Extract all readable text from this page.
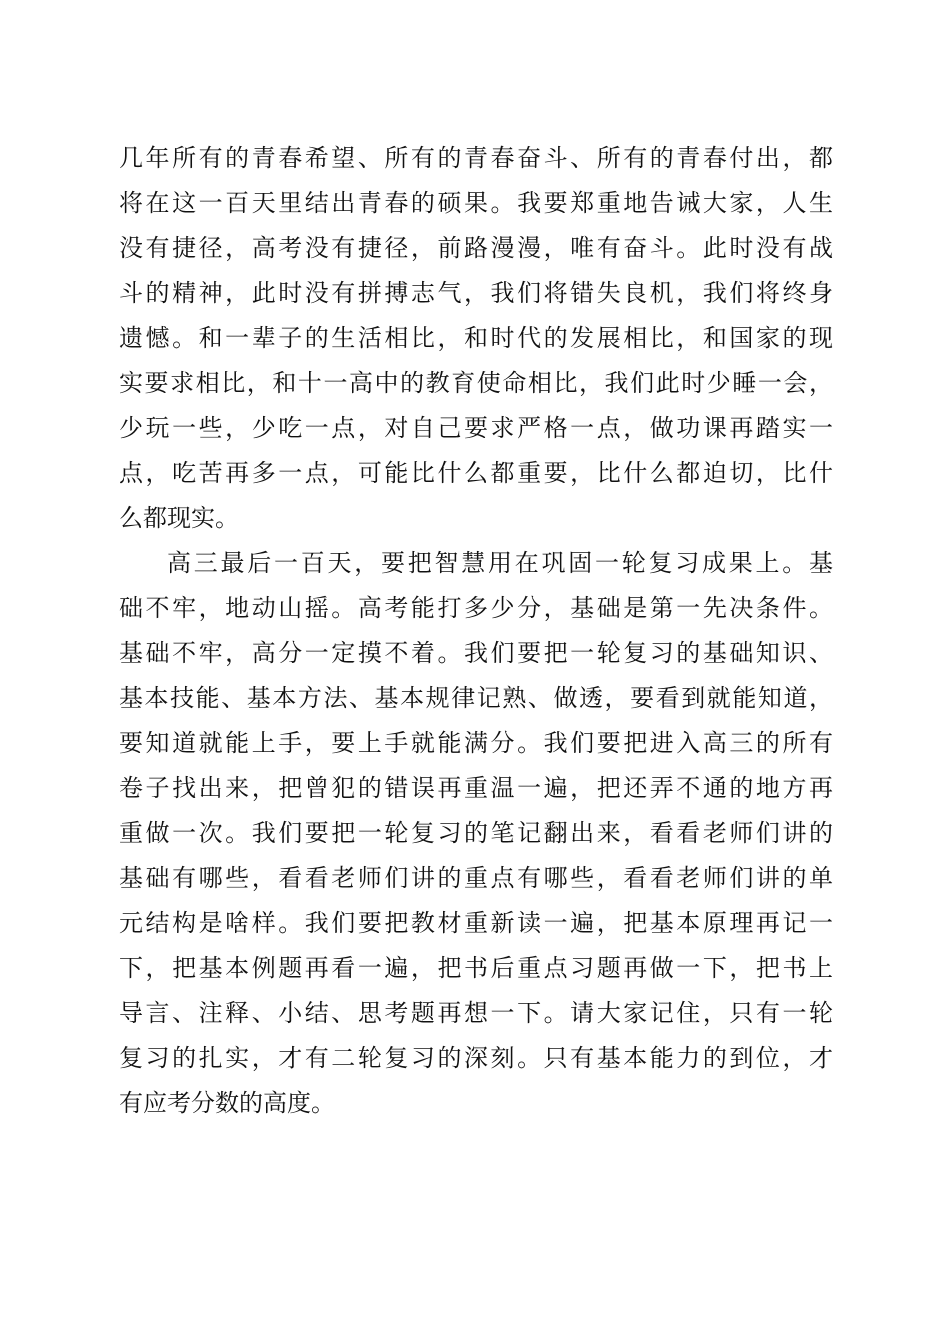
几年所有的青春希望、所有的青春奋斗、所有的青春付出，都
将在这一百天里结出青春的硕果。我要郑重地告诫大家，人生
没有捷径，高考没有捷径，前路漫漫，唯有奋斗。此时没有战
斗的精神，此时没有拼搏志气，我们将错失良机，我们将终身
遗憾。和一辈子的生活相比，和时代的发展相比，和国家的现
实要求相比，和十一高中的教育使命相比，我们此时少睡一会，
少玩一些，少吃一点，对自己要求严格一点，做功课再踏实一
点，吃苦再多一点，可能比什么都重要，比什么都迫切，比什
么都现实。
高三最后一百天，要把智慧用在巩固一轮复习成果上。基
础不牢，地动山摇。高考能打多少分，基础是第一先决条件。
基础不牢，高分一定摸不着。我们要把一轮复习的基础知识、
基本技能、基本方法、基本规律记熟、做透，要看到就能知道，
要知道就能上手，要上手就能满分。我们要把进入高三的所有
卷子找出来，把曾犯的错误再重温一遍，把还弄不通的地方再
重做一次。我们要把一轮复习的笔记翻出来，看看老师们讲的
基础有哪些，看看老师们讲的重点有哪些，看看老师们讲的单
元结构是啥样。我们要把教材重新读一遍，把基本原理再记一
下，把基本例题再看一遍，把书后重点习题再做一下，把书上
导言、注释、小结、思考题再想一下。请大家记住，只有一轮
复习的扎实，才有二轮复习的深刻。只有基本能力的到位，才
有应考分数的高度。
